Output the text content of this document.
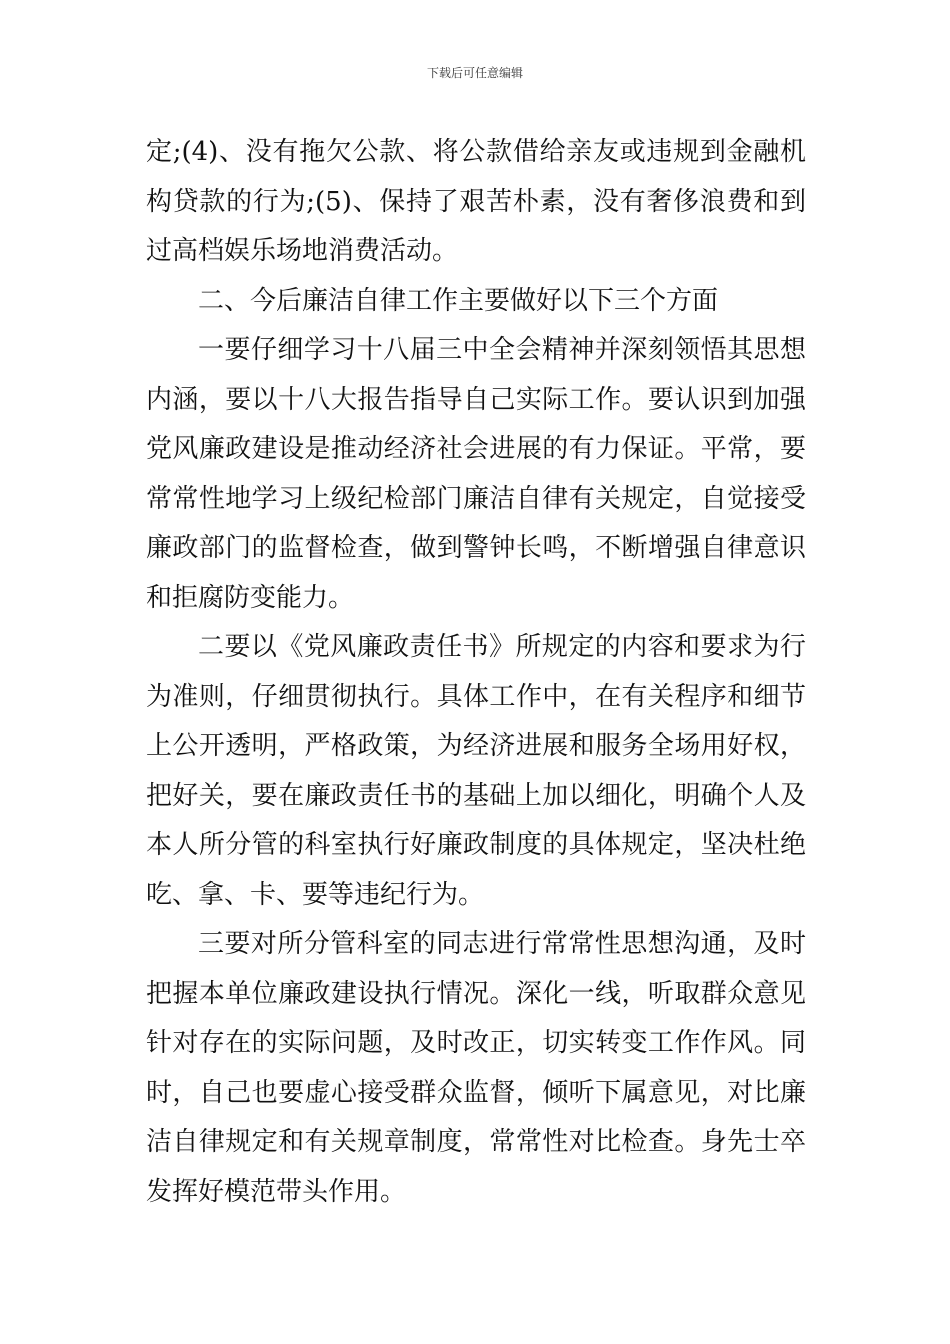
下载后可任意编辑

定;(4)、没有拖欠公款、将公款借给亲友或违规到金融机构贷款的行为;(5)、保持了艰苦朴素，没有奢侈浪费和到过高档娱乐场地消费活动。

二、今后廉洁自律工作主要做好以下三个方面

一要仔细学习十八届三中全会精神并深刻领悟其思想内涵，要以十八大报告指导自己实际工作。要认识到加强党风廉政建设是推动经济社会进展的有力保证。平常，要常常性地学习上级纪检部门廉洁自律有关规定，自觉接受廉政部门的监督检查，做到警钟长鸣，不断增强自律意识和拒腐防变能力。

二要以《党风廉政责任书》所规定的内容和要求为行为准则，仔细贯彻执行。具体工作中，在有关程序和细节上公开透明，严格政策，为经济进展和服务全场用好权，把好关，要在廉政责任书的基础上加以细化，明确个人及本人所分管的科室执行好廉政制度的具体规定，坚决杜绝吃、拿、卡、要等违纪行为。

三要对所分管科室的同志进行常常性思想沟通，及时把握本单位廉政建设执行情况。深化一线，听取群众意见针对存在的实际问题，及时改正，切实转变工作作风。同时，自己也要虚心接受群众监督，倾听下属意见，对比廉洁自律规定和有关规章制度，常常性对比检查。身先士卒发挥好模范带头作用。
